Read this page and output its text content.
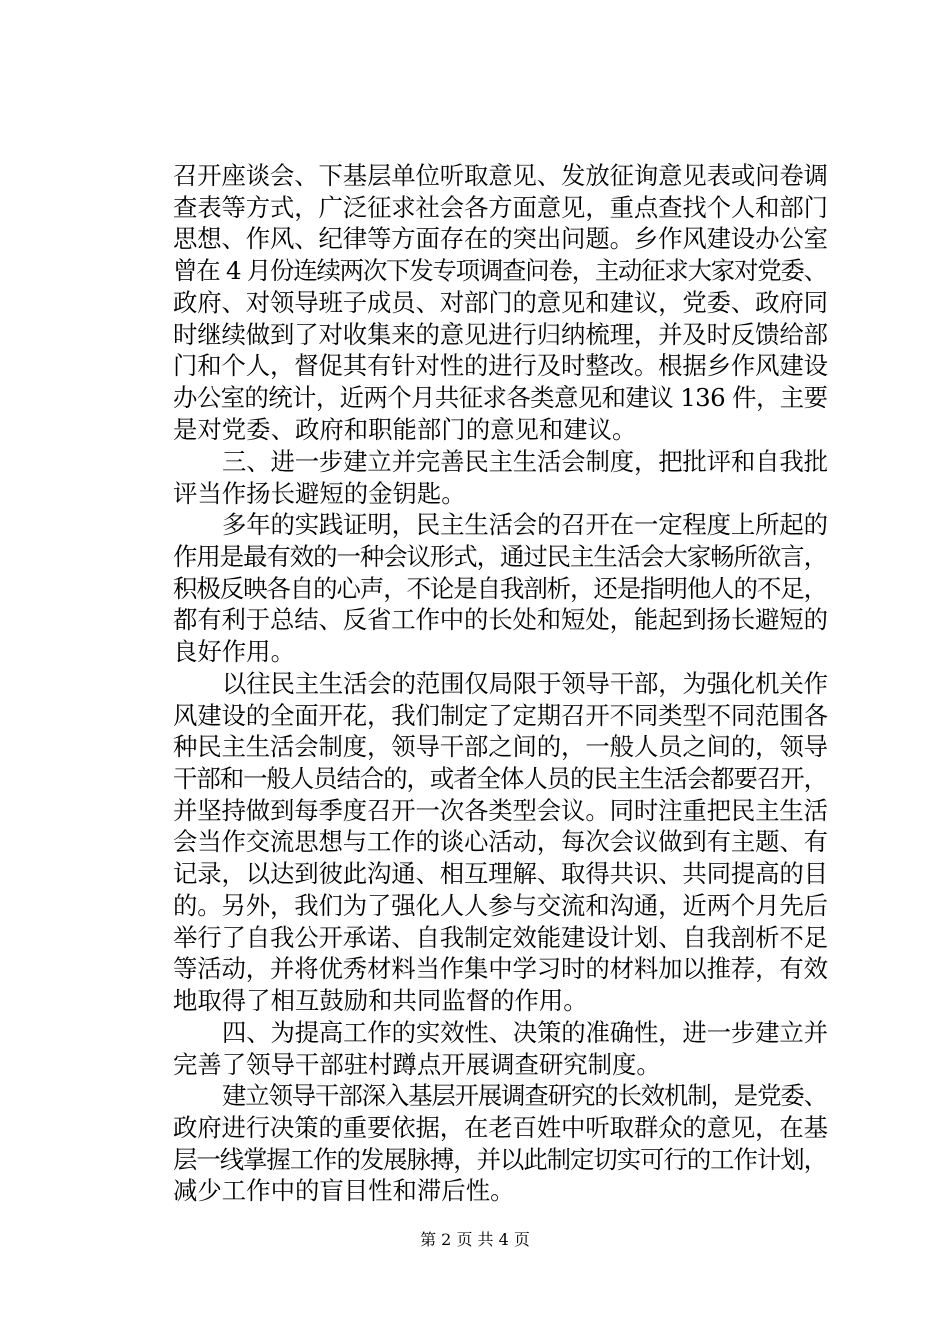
召开座谈会、下基层单位听取意见、发放征询意见表或问卷调
查表等方式，广泛征求社会各方面意见，重点查找个人和部门
思想、作风、纪律等方面存在的突出问题。乡作风建设办公室
曾在 4 月份连续两次下发专项调查问卷，主动征求大家对党委、
政府、对领导班子成员、对部门的意见和建议，党委、政府同
时继续做到了对收集来的意见进行归纳梳理，并及时反馈给部
门和个人，督促其有针对性的进行及时整改。根据乡作风建设
办公室的统计，近两个月共征求各类意见和建议 136 件，主要
是对党委、政府和职能部门的意见和建议。
三、进一步建立并完善民主生活会制度，把批评和自我批
评当作扬长避短的金钥匙。
多年的实践证明，民主生活会的召开在一定程度上所起的
作用是最有效的一种会议形式，通过民主生活会大家畅所欲言，
积极反映各自的心声，不论是自我剖析，还是指明他人的不足，
都有利于总结、反省工作中的长处和短处，能起到扬长避短的
良好作用。
以往民主生活会的范围仅局限于领导干部，为强化机关作
风建设的全面开花，我们制定了定期召开不同类型不同范围各
种民主生活会制度，领导干部之间的，一般人员之间的，领导
干部和一般人员结合的，或者全体人员的民主生活会都要召开，
并坚持做到每季度召开一次各类型会议。同时注重把民主生活
会当作交流思想与工作的谈心活动，每次会议做到有主题、有
记录，以达到彼此沟通、相互理解、取得共识、共同提高的目
的。另外，我们为了强化人人参与交流和沟通，近两个月先后
举行了自我公开承诺、自我制定效能建设计划、自我剖析不足
等活动，并将优秀材料当作集中学习时的材料加以推荐，有效
地取得了相互鼓励和共同监督的作用。
四、为提高工作的实效性、决策的准确性，进一步建立并
完善了领导干部驻村蹲点开展调查研究制度。
建立领导干部深入基层开展调查研究的长效机制，是党委、
政府进行决策的重要依据，在老百姓中听取群众的意见，在基
层一线掌握工作的发展脉搏，并以此制定切实可行的工作计划，
减少工作中的盲目性和滞后性。
第 2 页 共 4 页
